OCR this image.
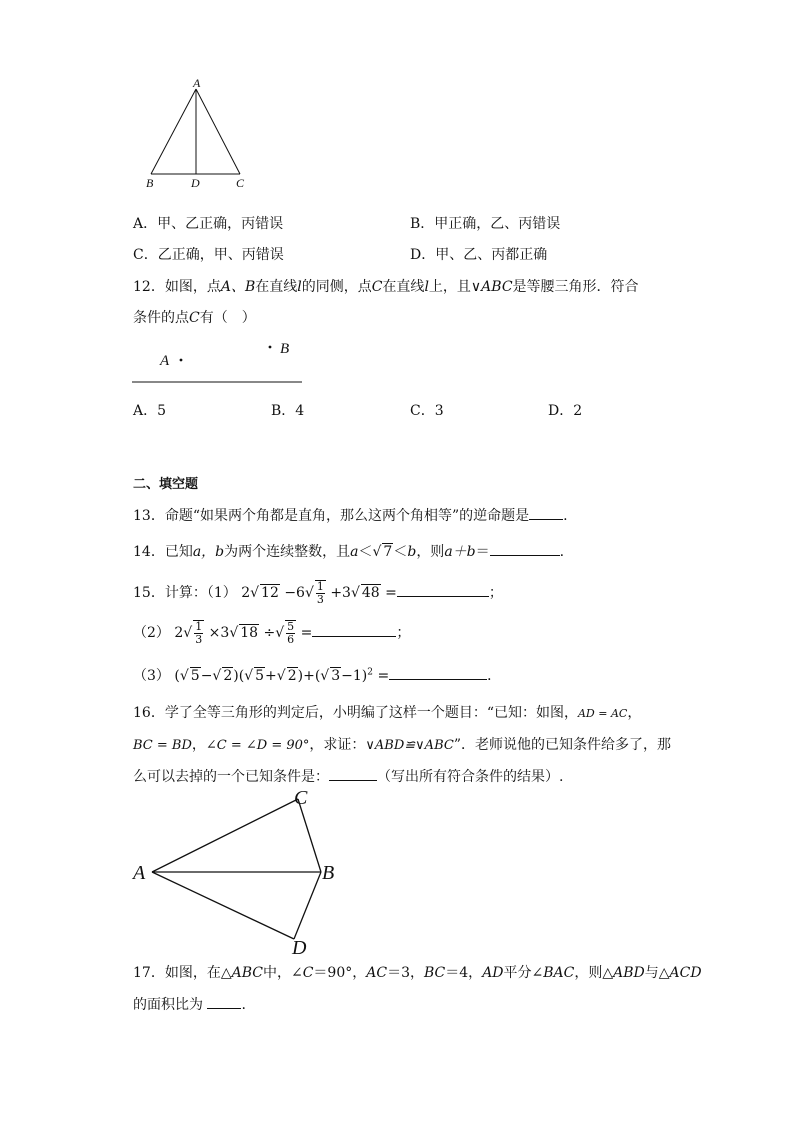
A
B	D	C
A．甲、乙正确，丙错误	B．甲正确，乙、丙错误
C．乙正确，甲、丙错误	D．甲、乙、丙都正确
12．如图，点A、B在直线l的同侧，点C在直线l上，且∨ABC是等腰三角形．符合
条件的点C有（　）
A
B
A．5	B．4	C．3	D．2
二、填空题
13．命题“如果两个角都是直角，那么这两个角相等”的逆命题是 .
14．已知a，b为两个连续整数，且a＜√ 7＜b，则a＋b＝	.
15．计算：（1） 2√ $12 -6√ \frac{1}{3} +3√$ 48 =	；
（2） $2√ \frac{1}{3} \times 3√$ 18 ÷√ $\frac{5}{6}$ =	；
（3） (√ 5−√ 2)(√ 5+√ 2)+(√ 3−1)$^2$ =	．
16．学了全等三角形的判定后，小明编了这样一个题目：“已知：如图，AD = AC，
BC = BD，∠C = ∠D = 90°，求证：∨ABD≌∨ABC”．老师说他的已知条件给多了，那
么可以去掉的一个已知条件是：	（写出所有符合条件的结果）.
C
A	B
D
17．如图，在△ABC中，∠C＝90°，AC＝3，BC＝4，AD平分∠BAC，则△ABD与△ACD
的面积比为	.
